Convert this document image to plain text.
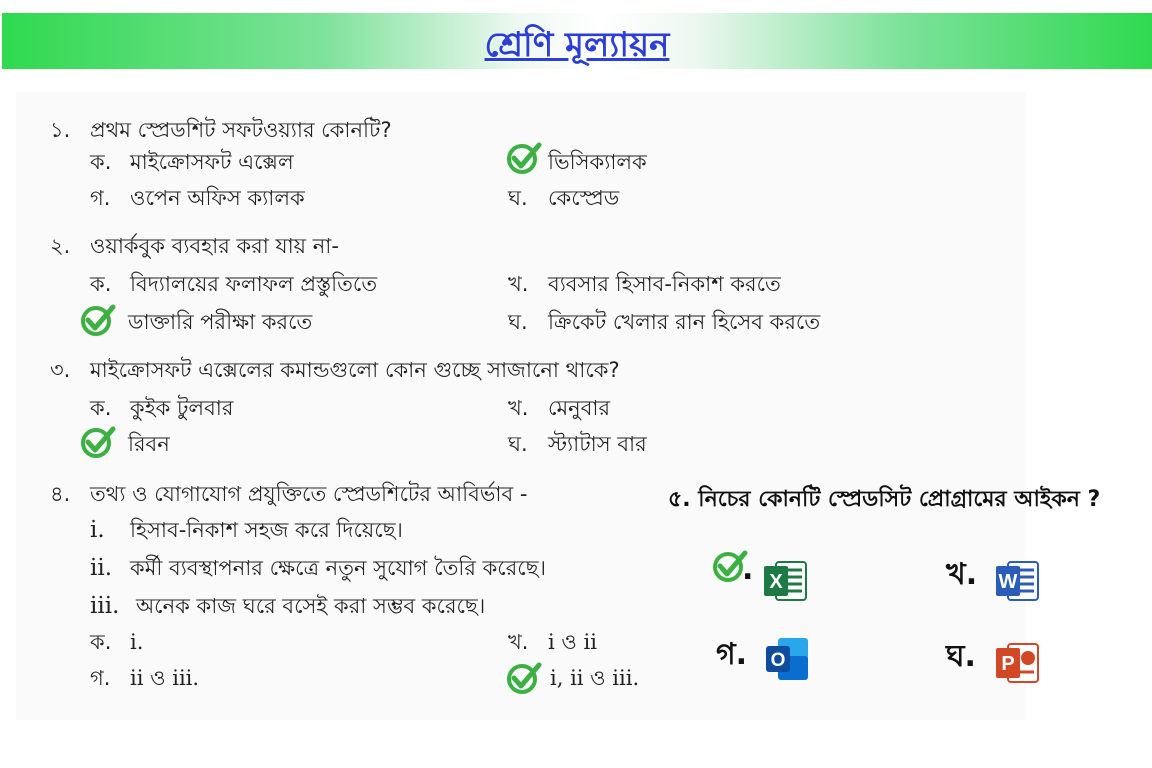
শ্রেণি মূল্যায়ন
১. প্রথম স্প্রেডশিট সফটওয়্যার কোনটি?
ক. মাইক্রোসফট এক্সেল	ভিসিক্যালক
গ. ওপেন অফিস ক্যালক	ঘ. কেস্প্রেড
২. ওয়ার্কবুক ব্যবহার করা যায় না-
ক. বিদ্যালয়ের ফলাফল প্রস্তুতিতে	খ. ব্যবসার হিসাব-নিকাশ করতে
ডাক্তারি পরীক্ষা করতে	ঘ. ক্রিকেট খেলার রান হিসেব করতে
৩. মাইক্রোসফট এক্সেলের কমান্ডগুলো কোন গুচ্ছে সাজানো থাকে?
ক. কুইক টুলবার	খ. মেনুবার
রিবন	ঘ. স্ট্যাটাস বার
৪. তথ্য ও যোগাযোগ প্রযুক্তিতে স্প্রেডশিটের আবির্ভাব -
i. হিসাব-নিকাশ সহজ করে দিয়েছে।
ii. কর্মী ব্যবস্থাপনার ক্ষেত্রে নতুন সুযোগ তৈরি করেছে।
iii. অনেক কাজ ঘরে বসেই করা সম্ভব করেছে।
ক. i.	খ. i ও ii
গ. ii ও iii.	i, ii ও iii.
৫. নিচের কোনটি স্প্রেডসিট প্রোগ্রামের আইকন ?
. X	খ. W
গ. O	ঘ. P
